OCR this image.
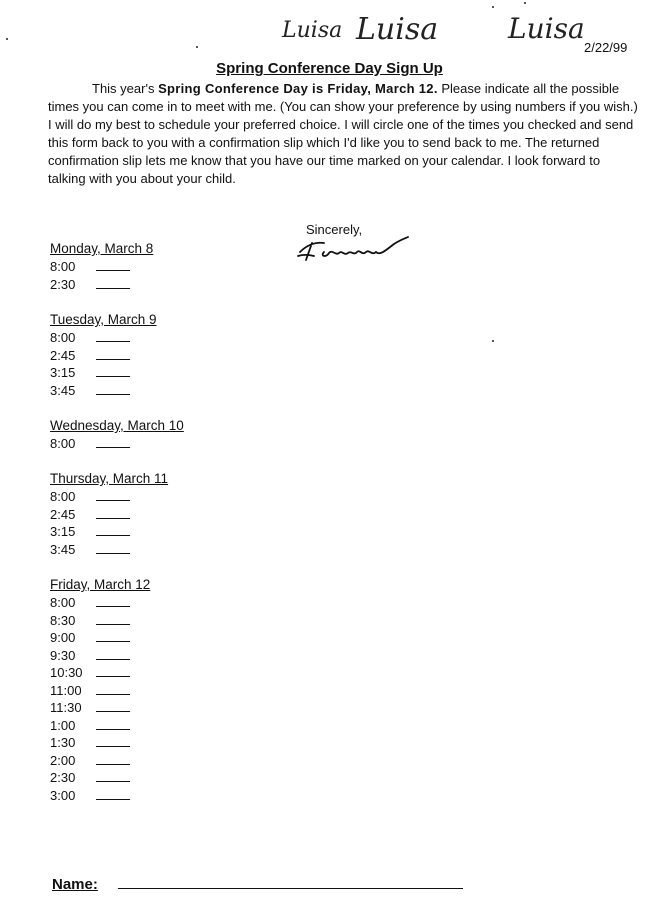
Luisa Luisa Luisa
2/22/99
Spring Conference Day Sign Up

This year's Spring Conference Day is Friday, March 12. Please indicate all the possible times you can come in to meet with me. (You can show your preference by using numbers if you wish.) I will do my best to schedule your preferred choice. I will circle one of the times you checked and send this form back to you with a confirmation slip which I'd like you to send back to me. The returned confirmation slip lets me know that you have our time marked on your calendar. I look forward to talking with you about your child.

Sincerely,
Monday, March 8
8:00
2:30
Tuesday, March 9
8:00
2:45
3:15
3:45
Wednesday, March 10
8:00
Thursday, March 11
8:00
2:45
3:15
3:45
Friday, March 12
8:00
8:30
9:00
9:30
10:30
11:00
11:30
1:00
1:30
2:00
2:30
3:00
Name:
